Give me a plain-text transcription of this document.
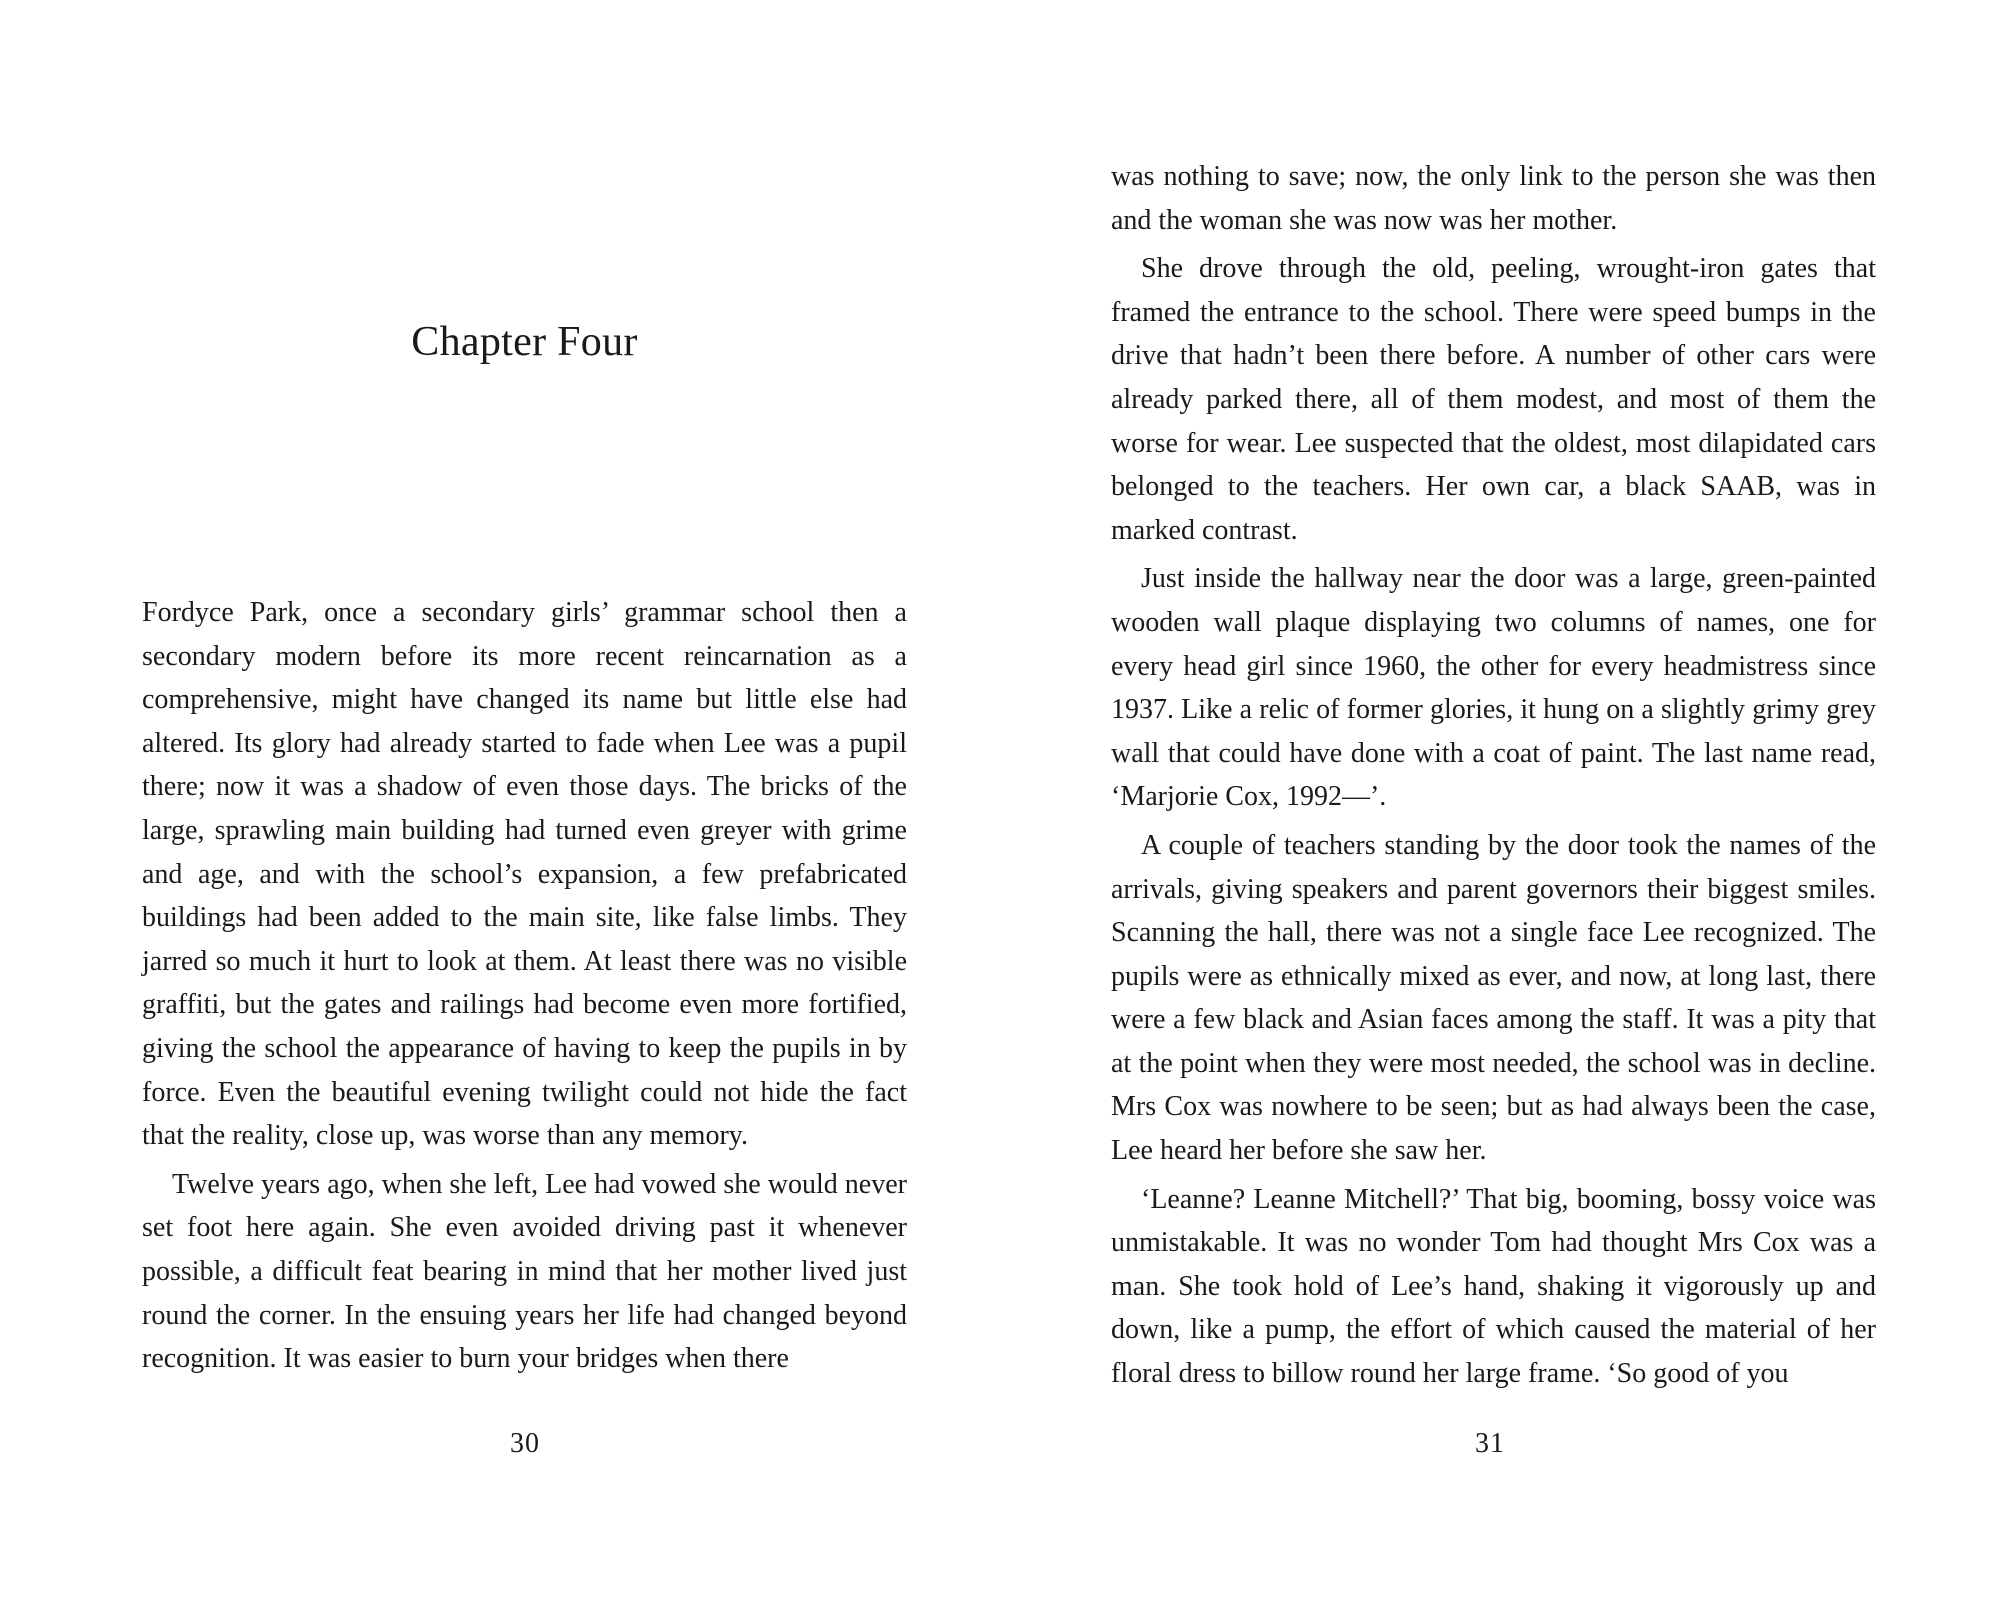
Chapter Four

Fordyce Park, once a secondary girls’ grammar school then a secondary modern before its more recent reincarnation as a comprehensive, might have changed its name but little else had altered. Its glory had already started to fade when Lee was a pupil there; now it was a shadow of even those days. The bricks of the large, sprawling main building had turned even greyer with grime and age, and with the school’s expansion, a few prefabricated buildings had been added to the main site, like false limbs. They jarred so much it hurt to look at them. At least there was no visible graffiti, but the gates and railings had become even more fortified, giving the school the appearance of having to keep the pupils in by force. Even the beautiful evening twilight could not hide the fact that the reality, close up, was worse than any memory.

Twelve years ago, when she left, Lee had vowed she would never set foot here again. She even avoided driving past it whenever possible, a difficult feat bearing in mind that her mother lived just round the corner. In the ensuing years her life had changed beyond recognition. It was easier to burn your bridges when there

30

was nothing to save; now, the only link to the person she was then and the woman she was now was her mother.

She drove through the old, peeling, wrought-iron gates that framed the entrance to the school. There were speed bumps in the drive that hadn’t been there before. A number of other cars were already parked there, all of them modest, and most of them the worse for wear. Lee suspected that the oldest, most dilapidated cars belonged to the teachers. Her own car, a black SAAB, was in marked contrast.

Just inside the hallway near the door was a large, green-painted wooden wall plaque displaying two columns of names, one for every head girl since 1960, the other for every headmistress since 1937. Like a relic of former glories, it hung on a slightly grimy grey wall that could have done with a coat of paint. The last name read, ‘Marjorie Cox, 1992—’.

A couple of teachers standing by the door took the names of the arrivals, giving speakers and parent governors their biggest smiles. Scanning the hall, there was not a single face Lee recognized. The pupils were as ethnically mixed as ever, and now, at long last, there were a few black and Asian faces among the staff. It was a pity that at the point when they were most needed, the school was in decline. Mrs Cox was nowhere to be seen; but as had always been the case, Lee heard her before she saw her.

‘Leanne? Leanne Mitchell?’ That big, booming, bossy voice was unmistakable. It was no wonder Tom had thought Mrs Cox was a man. She took hold of Lee’s hand, shaking it vigorously up and down, like a pump, the effort of which caused the material of her floral dress to billow round her large frame. ‘So good of you

31
